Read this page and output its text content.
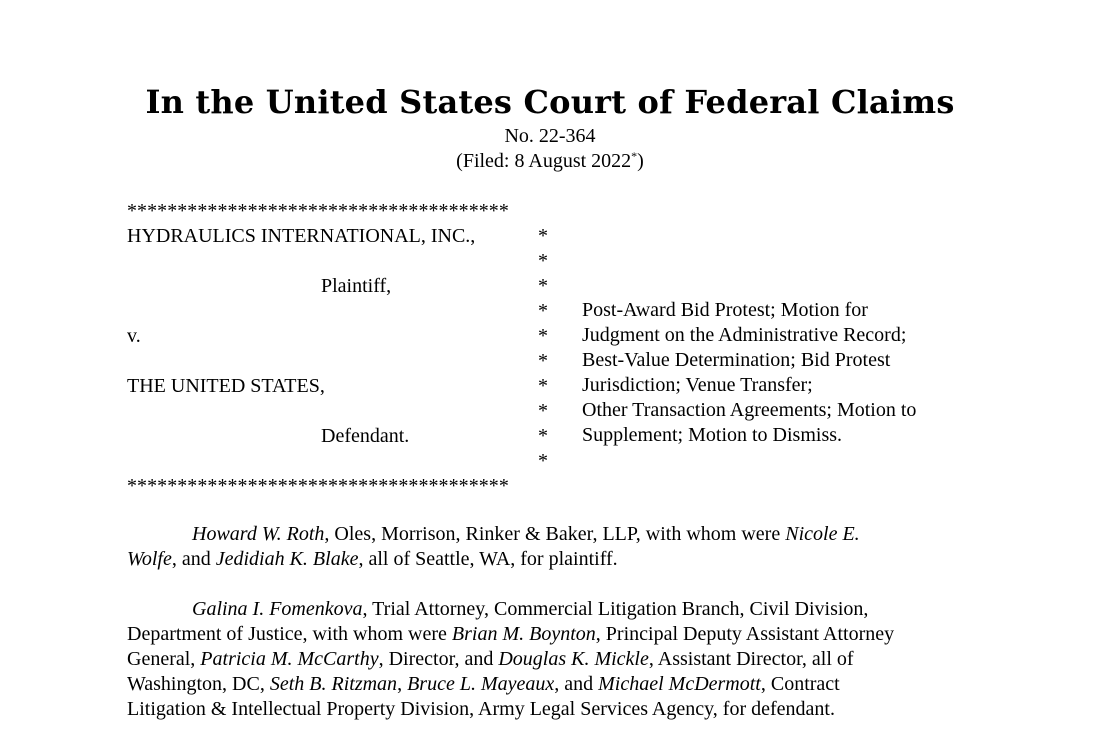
In the United States Court of Federal Claims
No. 22-364
(Filed: 8 August 2022*)
**************************************
HYDRAULICS INTERNATIONAL, INC.,
Plaintiff,
v.
THE UNITED STATES,
Defendant.
*
*
*
*
*
*
*
*
*
*
Post-Award Bid Protest; Motion for
Judgment on the Administrative Record;
Best-Value Determination; Bid Protest
Jurisdiction; Venue Transfer;
Other Transaction Agreements; Motion to
Supplement; Motion to Dismiss.
**************************************
Howard W. Roth, Oles, Morrison, Rinker & Baker, LLP, with whom were Nicole E.
Wolfe, and Jedidiah K. Blake, all of Seattle, WA, for plaintiff.
Galina I. Fomenkova, Trial Attorney, Commercial Litigation Branch, Civil Division,
Department of Justice, with whom were Brian M. Boynton, Principal Deputy Assistant Attorney
General, Patricia M. McCarthy, Director, and Douglas K. Mickle, Assistant Director, all of
Washington, DC, Seth B. Ritzman, Bruce L. Mayeaux, and Michael McDermott, Contract
Litigation & Intellectual Property Division, Army Legal Services Agency, for defendant.
